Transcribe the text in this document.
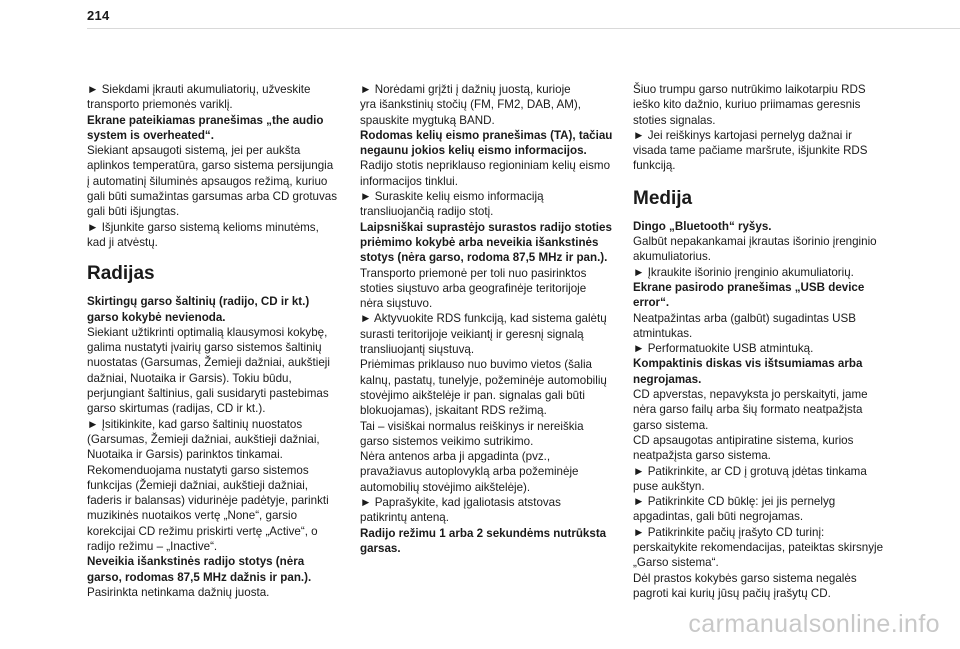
214
► Siekdami įkrauti akumuliatorių, užveskite
transporto priemonės variklį.
Ekrane pateikiamas pranešimas „the audio
system is overheated“.
Siekiant apsaugoti sistemą, jei per aukšta
aplinkos temperatūra, garso sistema persijungia
į automatinį šiluminės apsaugos režimą, kuriuo
gali būti sumažintas garsumas arba CD grotuvas
gali būti išjungtas.
► Išjunkite garso sistemą kelioms minutėms,
kad ji atvėstų.
Radijas
Skirtingų garso šaltinių (radijo, CD ir kt.)
garso kokybė nevienoda.
Siekiant užtikrinti optimalią klausymosi kokybę,
galima nustatyti įvairių garso sistemos šaltinių
nuostatas (Garsumas, Žemieji dažniai, aukštieji
dažniai, Nuotaika ir Garsis). Tokiu būdu,
perjungiant šaltinius, gali susidaryti pastebimas
garso skirtumas (radijas, CD ir kt.).
► Įsitikinkite, kad garso šaltinių nuostatos
(Garsumas, Žemieji dažniai, aukštieji dažniai,
Nuotaika ir Garsis) parinktos tinkamai.
Rekomenduojama nustatyti garso sistemos
funkcijas (Žemieji dažniai, aukštieji dažniai,
faderis ir balansas) vidurinėje padėtyje, parinkti
muzikinės nuotaikos vertę „None“, garsio
korekcijai CD režimu priskirti vertę „Active“, o
radijo režimu – „Inactive“.
Neveikia išankstinės radijo stotys (nėra
garso, rodomas 87,5 MHz dažnis ir pan.).
Pasirinkta netinkama dažnių juosta.
► Norėdami grįžti į dažnių juostą, kurioje
yra išankstinių stočių (FM, FM2, DAB, AM),
spauskite mygtuką BAND.
Rodomas kelių eismo pranešimas (TA), tačiau
negaunu jokios kelių eismo informacijos.
Radijo stotis nepriklauso regioniniam kelių eismo
informacijos tinklui.
► Suraskite kelių eismo informaciją
transliuojančią radijo stotį.
Laipsniškai suprastėjo surastos radijo stoties
priėmimo kokybė arba neveikia išankstinės
stotys (nėra garso, rodoma 87,5 MHz ir pan.).
Transporto priemonė per toli nuo pasirinktos
stoties siųstuvo arba geografinėje teritorijoje
nėra siųstuvo.
► Aktyvuokite RDS funkciją, kad sistema galėtų
surasti teritorijoje veikiantį ir geresnį signalą
transliuojantį siųstuvą.
Priėmimas priklauso nuo buvimo vietos (šalia
kalnų, pastatų, tunelyje, požeminėje automobilių
stovėjimo aikštelėje ir pan. signalas gali būti
blokuojamas), įskaitant RDS režimą.
Tai – visiškai normalus reiškinys ir nereiškia
garso sistemos veikimo sutrikimo.
Nėra antenos arba ji apgadinta (pvz.,
pravažiavus autoplovyklą arba požeminėje
automobilių stovėjimo aikštelėje).
► Paprašykite, kad įgaliotasis atstovas
patikrintų anteną.
Radijo režimu 1 arba 2 sekundėms nutrūksta
garsas.
Šiuo trumpu garso nutrūkimo laikotarpiu RDS
ieško kito dažnio, kuriuo priimamas geresnis
stoties signalas.
► Jei reiškinys kartojasi pernelyg dažnai ir
visada tame pačiame maršrute, išjunkite RDS
funkciją.
Medija
Dingo „Bluetooth“ ryšys.
Galbūt nepakankamai įkrautas išorinio įrenginio
akumuliatorius.
► Įkraukite išorinio įrenginio akumuliatorių.
Ekrane pasirodo pranešimas „USB device
error“.
Neatpažintas arba (galbūt) sugadintas USB
atmintukas.
► Performatuokite USB atmintuką.
Kompaktinis diskas vis ištsumiamas arba
negrojamas.
CD apverstas, nepavyksta jo perskaityti, jame
nėra garso failų arba šių formato neatpažįsta
garso sistema.
CD apsaugotas antipiratine sistema, kurios
neatpažįsta garso sistema.
► Patikrinkite, ar CD į grotuvą įdėtas tinkama
puse aukštyn.
► Patikrinkite CD būklę: jei jis pernelyg
apgadintas, gali būti negrojamas.
► Patikrinkite pačių įrašyto CD turinį:
perskaitykite rekomendacijas, pateiktas skirsnyje
„Garso sistema“.
Dėl prastos kokybės garso sistema negalės
pagroti kai kurių jūsų pačių įrašytų CD.
carmanualsonline.info
